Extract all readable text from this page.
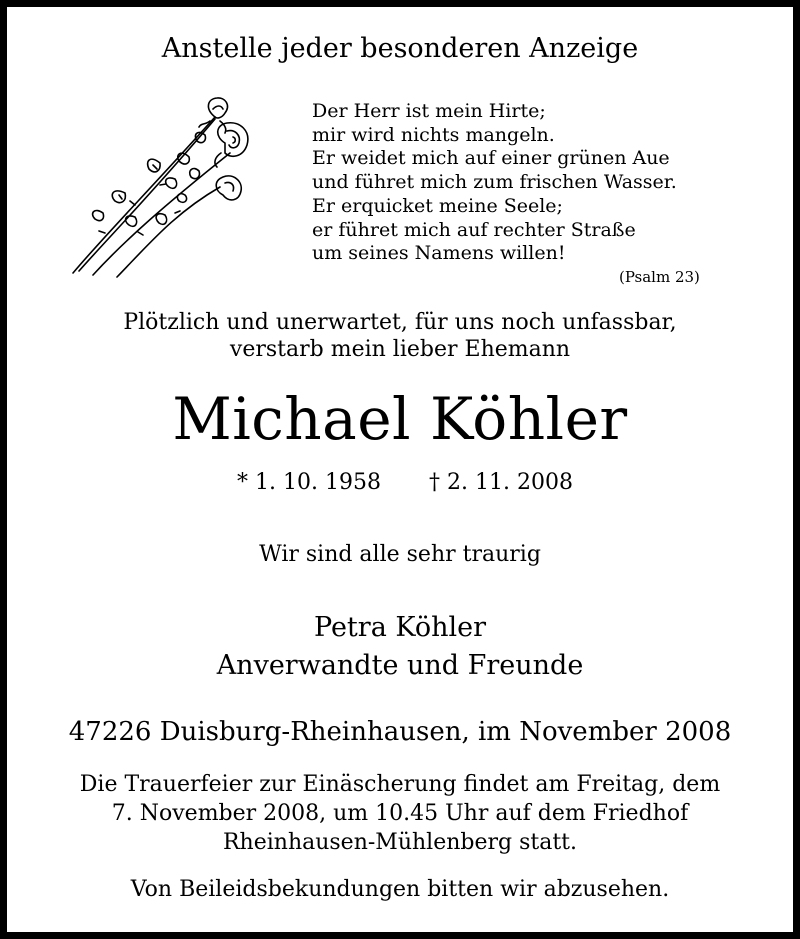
Anstelle jeder besonderen Anzeige
Der Herr ist mein Hirte;
mir wird nichts mangeln.
Er weidet mich auf einer grünen Aue
und führet mich zum frischen Wasser.
Er erquicket meine Seele;
er führet mich auf rechter Straße
um seines Namens willen!
(Psalm 23)
Plötzlich und unerwartet, für uns noch unfassbar,
verstarb mein lieber Ehemann
Michael Köhler
* 1. 10. 1958 † 2. 11. 2008
Wir sind alle sehr traurig
Petra Köhler
Anverwandte und Freunde
47226 Duisburg-Rheinhausen, im November 2008
Die Trauerfeier zur Einäscherung findet am Freitag, dem
7. November 2008, um 10.45 Uhr auf dem Friedhof
Rheinhausen-Mühlenberg statt.
Von Beileidsbekundungen bitten wir abzusehen.
